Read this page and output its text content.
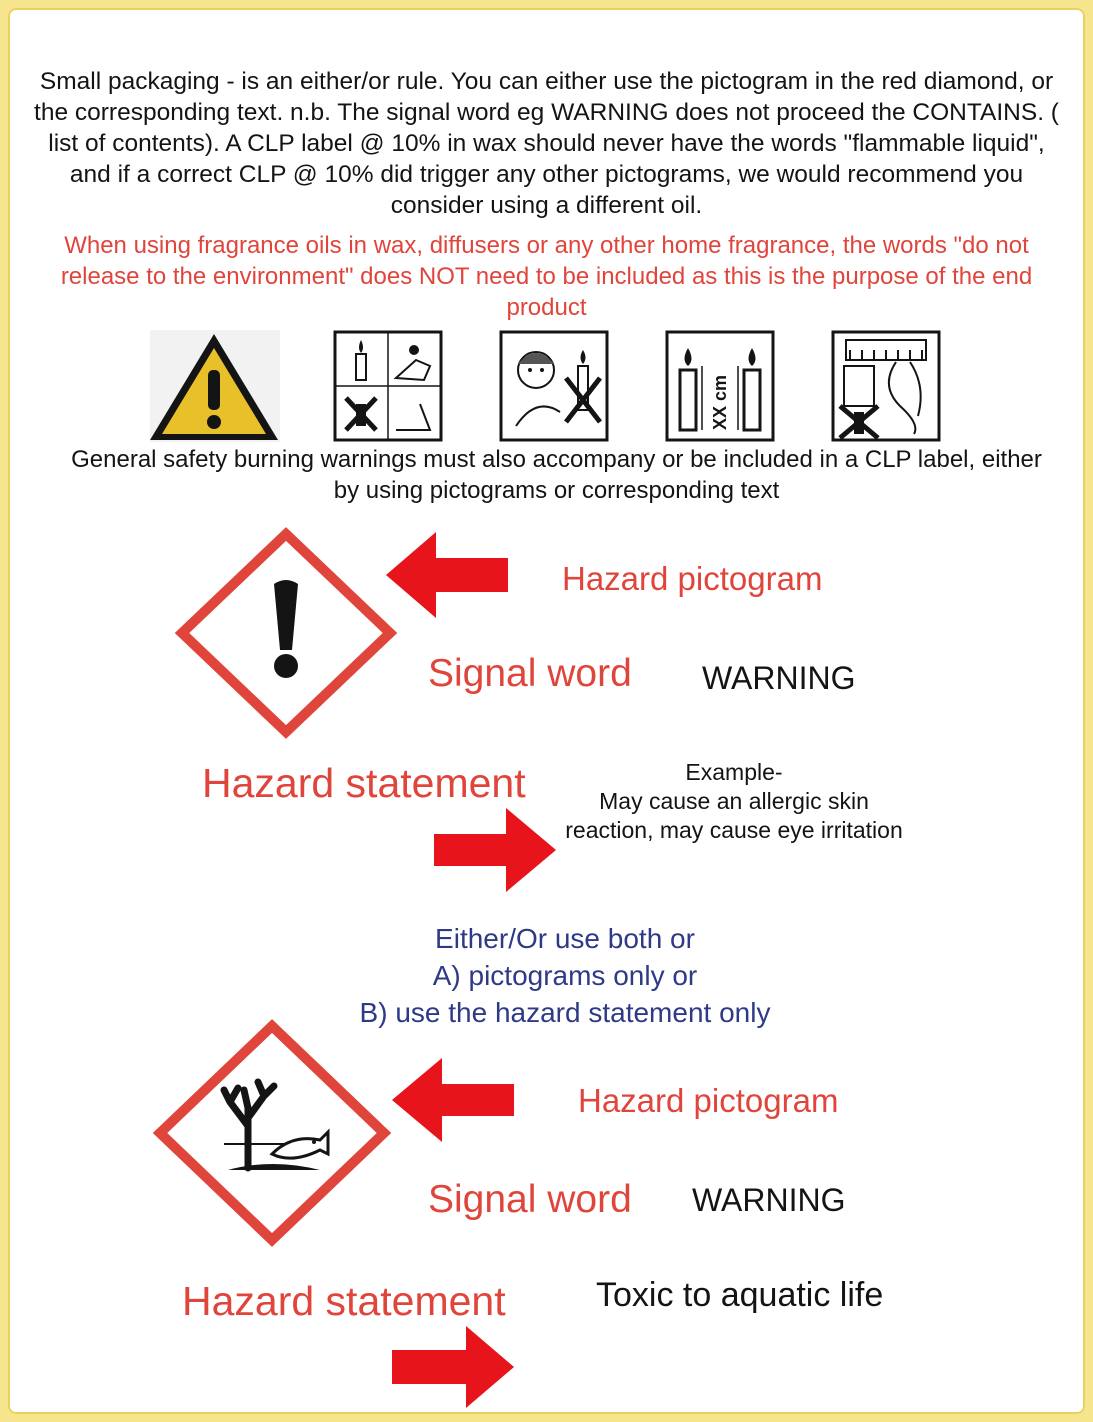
Small packaging - is an either/or rule. You can either use the pictogram in the red diamond, or the corresponding text. n.b. The signal word eg WARNING does not proceed the CONTAINS. ( list of contents). A CLP label @ 10% in wax should never have the words "flammable liquid", and if a correct CLP @ 10% did trigger any other pictograms, we would recommend you consider using a different oil.
When using fragrance oils in wax, diffusers or any other home fragrance, the words "do not release to the environment" does NOT need to be included as this is the purpose of the end product
XX cm
General safety burning warnings must also accompany or be included in a CLP label, either by using pictograms or corresponding text
Hazard pictogram
Signal word WARNING
Hazard statement	Example-
May cause an allergic skin reaction, may cause eye irritation
Either/Or use both or
A) pictograms only or
B) use the hazard statement only
Hazard pictogram
Signal word WARNING
Hazard statement	Toxic to aquatic life
